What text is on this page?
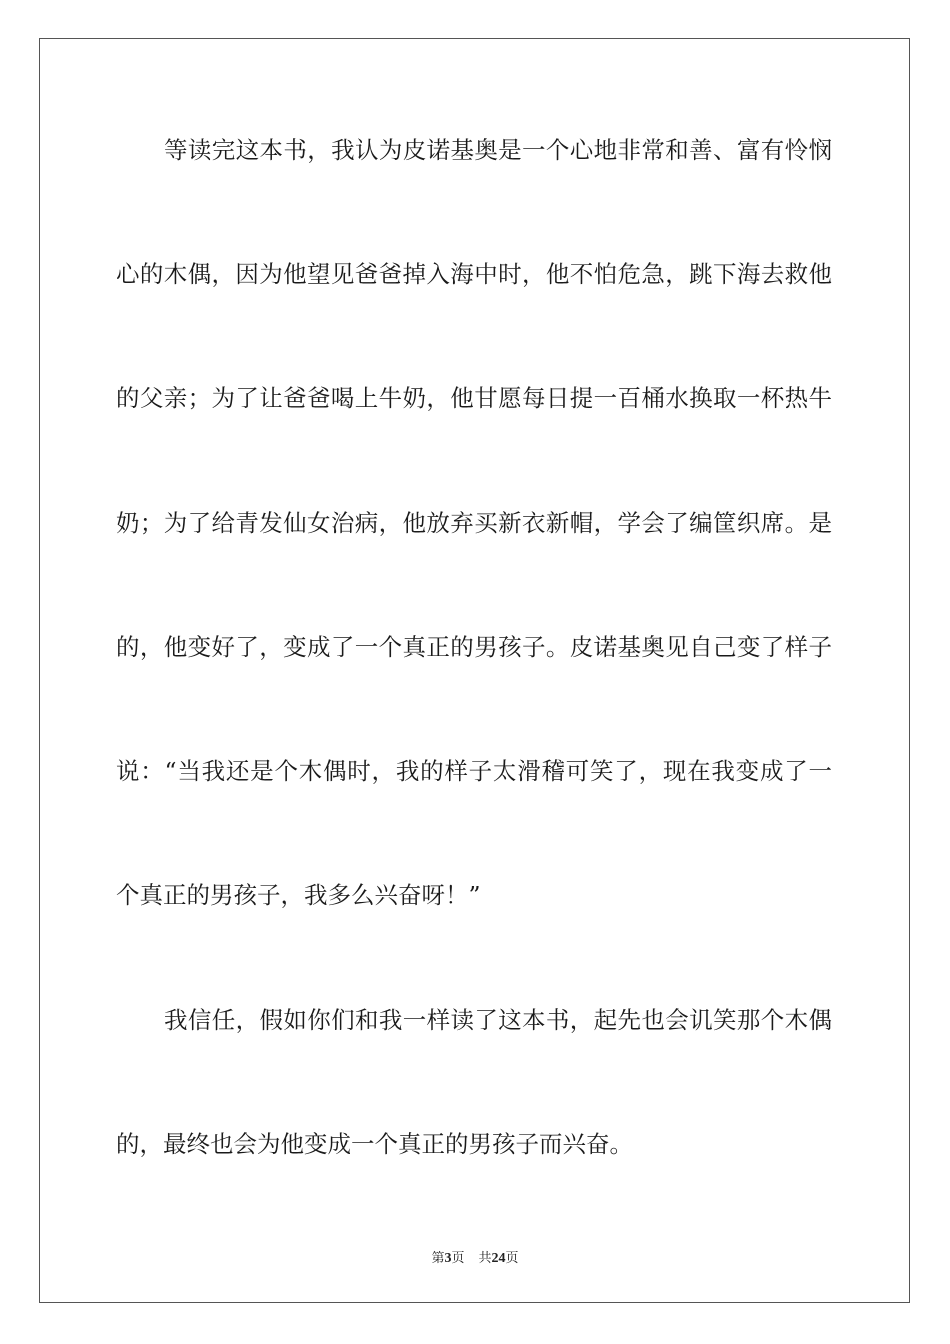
等读完这本书，我认为皮诺基奥是一个心地非常和善、富有怜悯
心的木偶，因为他望见爸爸掉入海中时，他不怕危急，跳下海去救他
的父亲；为了让爸爸喝上牛奶，他甘愿每日提一百桶水换取一杯热牛
奶；为了给青发仙女治病，他放弃买新衣新帽，学会了编筐织席。是
的，他变好了，变成了一个真正的男孩子。皮诺基奥见自己变了样子
说：“当我还是个木偶时，我的样子太滑稽可笑了，现在我变成了一
个真正的男孩子，我多么兴奋呀！”
我信任，假如你们和我一样读了这本书，起先也会讥笑那个木偶
的，最终也会为他变成一个真正的男孩子而兴奋。
第3页 共24页
